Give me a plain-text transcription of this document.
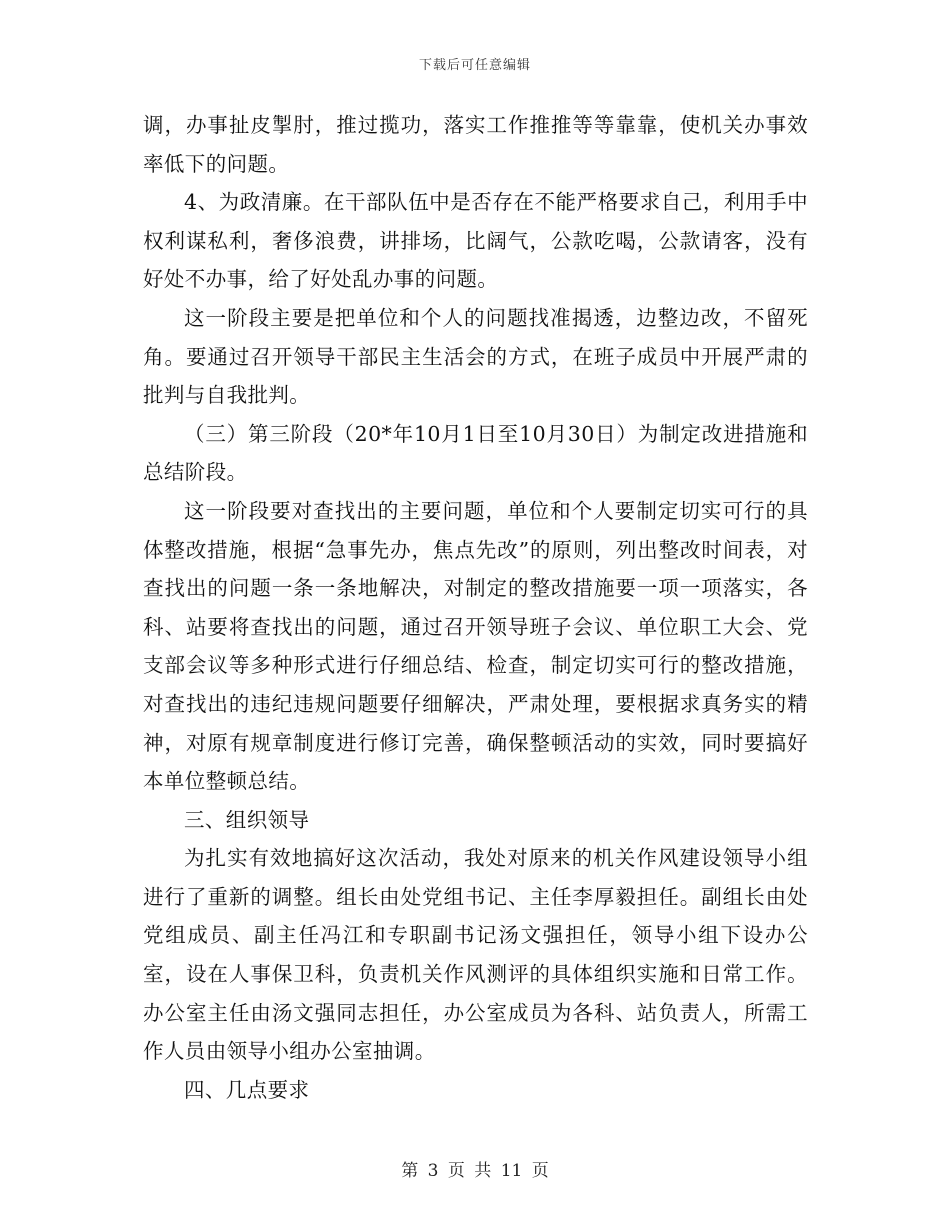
下载后可任意编辑

调，办事扯皮掣肘，推过揽功，落实工作推推等等靠靠，使机关办事效率低下的问题。

4、为政清廉。在干部队伍中是否存在不能严格要求自己，利用手中权利谋私利，奢侈浪费，讲排场，比阔气，公款吃喝，公款请客，没有好处不办事，给了好处乱办事的问题。

这一阶段主要是把单位和个人的问题找准揭透，边整边改，不留死角。要通过召开领导干部民主生活会的方式，在班子成员中开展严肃的批判与自我批判。

（三）第三阶段（20*年10月1日至10月30日）为制定改进措施和总结阶段。

这一阶段要对查找出的主要问题，单位和个人要制定切实可行的具体整改措施，根据“急事先办，焦点先改”的原则，列出整改时间表，对查找出的问题一条一条地解决，对制定的整改措施要一项一项落实，各科、站要将查找出的问题，通过召开领导班子会议、单位职工大会、党支部会议等多种形式进行仔细总结、检查，制定切实可行的整改措施，对查找出的违纪违规问题要仔细解决，严肃处理，要根据求真务实的精神，对原有规章制度进行修订完善，确保整顿活动的实效，同时要搞好本单位整顿总结。

三、组织领导

为扎实有效地搞好这次活动，我处对原来的机关作风建设领导小组进行了重新的调整。组长由处党组书记、主任李厚毅担任。副组长由处党组成员、副主任冯江和专职副书记汤文强担任，领导小组下设办公室，设在人事保卫科，负责机关作风测评的具体组织实施和日常工作。办公室主任由汤文强同志担任，办公室成员为各科、站负责人，所需工作人员由领导小组办公室抽调。

四、几点要求

第 3 页 共 11 页
